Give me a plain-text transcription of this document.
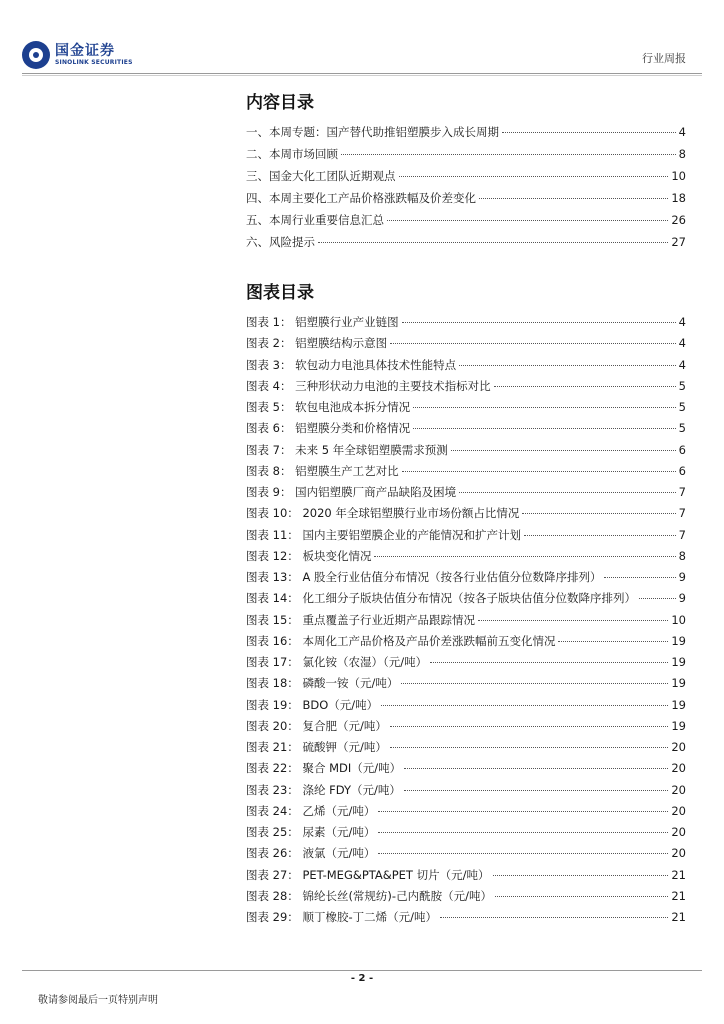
国金证券
SINOLINK SECURITIES	行业周报
内容目录
一、本周专题：国产替代助推铝塑膜步入成长周期	4
二、本周市场回顾	8
三、国金大化工团队近期观点	10
四、本周主要化工产品价格涨跌幅及价差变化	18
五、本周行业重要信息汇总	26
六、风险提示	27
图表目录
图表 1： 铝塑膜行业产业链图	4
图表 2： 铝塑膜结构示意图	4
图表 3： 软包动力电池具体技术性能特点	4
图表 4： 三种形状动力电池的主要技术指标对比	5
图表 5： 软包电池成本拆分情况	5
图表 6： 铝塑膜分类和价格情况	5
图表 7： 未来 5 年全球铝塑膜需求预测	6
图表 8： 铝塑膜生产工艺对比	6
图表 9： 国内铝塑膜厂商产品缺陷及困境	7
图表 10： 2020 年全球铝塑膜行业市场份额占比情况	7
图表 11： 国内主要铝塑膜企业的产能情况和扩产计划	7
图表 12： 板块变化情况	8
图表 13： A 股全行业估值分布情况（按各行业估值分位数降序排列）	9
图表 14： 化工细分子版块估值分布情况（按各子版块估值分位数降序排列）	9
图表 15： 重点覆盖子行业近期产品跟踪情况	10
图表 16： 本周化工产品价格及产品价差涨跌幅前五变化情况	19
图表 17： 氯化铵（农湿）（元/吨）	19
图表 18： 磷酸一铵（元/吨）	19
图表 19： BDO（元/吨）	19
图表 20： 复合肥（元/吨）	19
图表 21： 硫酸钾（元/吨）	20
图表 22： 聚合 MDI（元/吨）	20
图表 23： 涤纶 FDY（元/吨）	20
图表 24： 乙烯（元/吨）	20
图表 25： 尿素（元/吨）	20
图表 26： 液氯（元/吨）	20
图表 27： PET-MEG&PTA&PET 切片（元/吨）	21
图表 28： 锦纶长丝(常规纺)-己内酰胺（元/吨）	21
图表 29： 顺丁橡胶-丁二烯（元/吨）	21
- 2 -
敬请参阅最后一页特别声明
